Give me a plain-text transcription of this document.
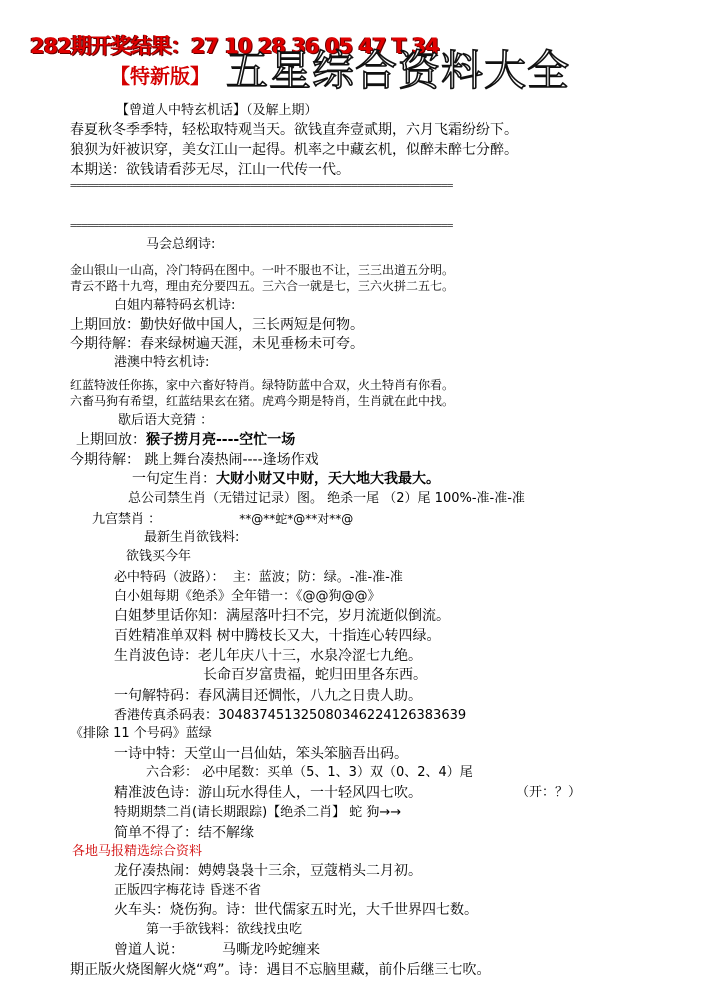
282期开奖结果：27 10 28 36 05 47 T 34
【特新版】 五星综合资料大全
【曾道人中特玄机话】（及解上期）
春夏秋冬季季特，轻松取特观当天。欲钱直奔壹贰期，六月飞霜纷纷下。
狼狈为奸被识穿，美女江山一起得。机率之中藏玄机，似醉未醉七分醉。
本期送：欲钱请看莎无尽，江山一代传一代。
====================================================================
====================================================================
马会总纲诗:
金山银山一山高，冷门特码在图中。一叶不服也不让，三三出道五分明。
青云不路十九弯，理由充分要四五。三六合一就是七，三六火拼二五七。
白姐内幕特码玄机诗:
上期回放：勤快好做中国人，三长两短是何物。
今期待解：春来绿树遍天涯，未见垂杨未可夸。
港澳中特玄机诗:
红蓝特波任你拣，家中六畜好特肖。绿特防蓝中合双，火土特肖有你看。
六畜马狗有希望，红蓝结果玄在猪。虎鸡今期是特肖，生肖就在此中找。
歇后语大竞猜 ：
上期回放：猴子捞月亮----空忙一场
今期待解： 跳上舞台凑热闹----逢场作戏
一句定生肖：大财小财又中财，天大地大我最大。
总公司禁生肖（无错过记录）图。 绝杀一尾 （2）尾 100%-准-准-准
九宫禁肖 ：	**@**蛇*@**对**@
最新生肖欲钱料:
欲钱买今年
必中特码（波路）： 主：蓝波；防：绿。-准-准-准
白小姐每期《绝杀》全年错一：《@@狗@@》
白姐梦里话你知：满屋落叶扫不完，岁月流逝似倒流。
百姓精准单双料 树中腾枝长又大，十指连心转四绿。
生肖波色诗：老儿年庆八十三，水泉冷涩七九绝。
长命百岁富贵福，蛇归田里各东西。
一句解特码：春风满目还惆怅，八九之日贵人助。
香港传真杀码表：304837451325080346224126383639
《排除 11 个号码》蓝绿
一诗中特：天堂山一吕仙姑，笨头笨脑吾出码。
六合彩： 必中尾数：买单（5、1、3）双（0、2、4）尾
精准波色诗：游山玩水得佳人，一十轻风四七吹。	（开：？）
特期期禁二肖(请长期跟踪)【绝杀二肖】 蛇 狗→→
简单不得了：结不解缘
各地马报精选综合资料
龙仔凑热闹：娉娉袅袅十三余，豆蔻梢头二月初。
正版四字梅花诗 昏迷不省
火车头：烧伤狗。诗：世代儒家五时光，大千世界四七数。
第一手欲钱料：欲线找虫吃
曾道人说：	马嘶龙吟蛇缠来
期正版火烧图解火烧“鸡”。诗：遇目不忘脑里藏，前仆后继三七吹。
